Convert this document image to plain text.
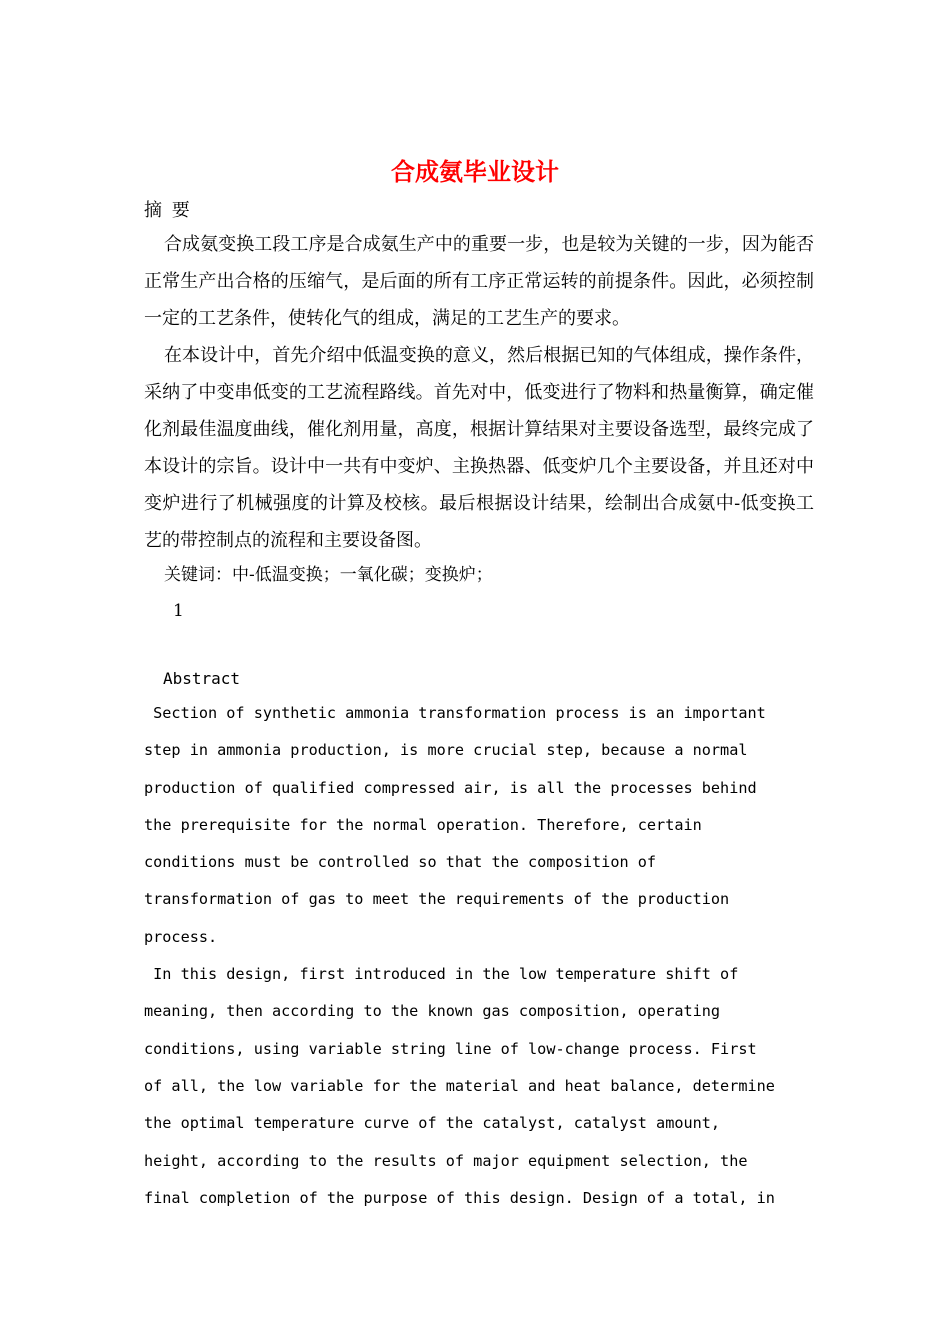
合成氨毕业设计
摘 要

合成氨变换工段工序是合成氨生产中的重要一步，也是较为关键的一步，因为能否正常生产出合格的压缩气，是后面的所有工序正常运转的前提条件。因此，必须控制一定的工艺条件，使转化气的组成，满足的工艺生产的要求。

在本设计中，首先介绍中低温变换的意义，然后根据已知的气体组成，操作条件，采纳了中变串低变的工艺流程路线。首先对中，低变进行了物料和热量衡算，确定催化剂最佳温度曲线，催化剂用量，高度，根据计算结果对主要设备选型，最终完成了本设计的宗旨。设计中一共有中变炉、主换热器、低变炉几个主要设备，并且还对中变炉进行了机械强度的计算及校核。最后根据设计结果，绘制出合成氨中-低变换工艺的带控制点的流程和主要设备图。

关键词：中-低温变换；一氧化碳；变换炉；
1
Abstract
Section of synthetic ammonia transformation process is an important
step in ammonia production, is more crucial step, because a normal
production of qualified compressed air, is all the processes behind
the prerequisite for the normal operation. Therefore, certain
conditions must be controlled so that the composition of
transformation of gas to meet the requirements of the production
process.
In this design, first introduced in the low temperature shift of
meaning, then according to the known gas composition, operating
conditions, using variable string line of low-change process. First
of all, the low variable for the material and heat balance, determine
the optimal temperature curve of the catalyst, catalyst amount,
height, according to the results of major equipment selection, the
final completion of the purpose of this design. Design of a total, in
